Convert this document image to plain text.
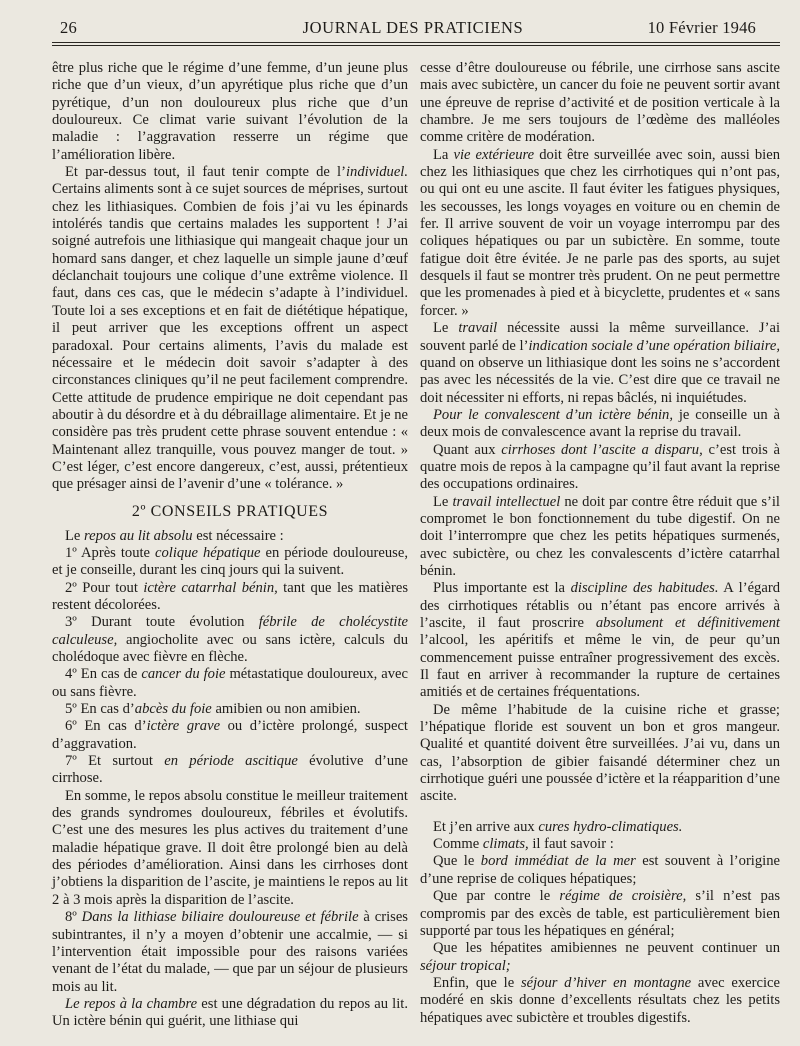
26	JOURNAL DES PRATICIENS	10 Février 1946

être plus riche que le régime d’une femme, d’un jeune plus riche que d’un vieux, d’un apyrétique plus riche que d’un pyrétique, d’un non douloureux plus riche que d’un douloureux. Ce climat varie suivant l’évolution de la maladie : l’aggravation resserre un régime que l’amélioration libère.

Et par-dessus tout, il faut tenir compte de l’individuel. Certains aliments sont à ce sujet sources de méprises, surtout chez les lithiasiques. Combien de fois j’ai vu les épinards intolérés tandis que certains malades les supportent ! J’ai soigné autrefois une lithiasique qui mangeait chaque jour un homard sans danger, et chez laquelle un simple jaune d’œuf déclanchait toujours une colique d’une extrême violence. Il faut, dans ces cas, que le médecin s’adapte à l’individuel. Toute loi a ses exceptions et en fait de diététique hépatique, il peut arriver que les exceptions offrent un aspect paradoxal. Pour certains aliments, l’avis du malade est nécessaire et le médecin doit savoir s’adapter à des circonstances cliniques qu’il ne peut facilement comprendre. Cette attitude de prudence empirique ne doit cependant pas aboutir à du désordre et à du débraillage alimentaire. Et je ne considère pas très prudent cette phrase souvent entendue : « Maintenant allez tranquille, vous pouvez manger de tout. » C’est léger, c’est encore dangereux, c’est, aussi, prétentieux que présager ainsi de l’avenir d’une « tolérance. »

2º CONSEILS PRATIQUES

Le repos au lit absolu est nécessaire :

1º Après toute colique hépatique en période douloureuse, et je conseille, durant les cinq jours qui la suivent.

2º Pour tout ictère catarrhal bénin, tant que les matières restent décolorées.

3º Durant toute évolution fébrile de cholécystite calculeuse, angiocholite avec ou sans ictère, calculs du cholédoque avec fièvre en flèche.

4º En cas de cancer du foie métastatique douloureux, avec ou sans fièvre.

5º En cas d’abcès du foie amibien ou non amibien.

6º En cas d’ictère grave ou d’ictère prolongé, suspect d’aggravation.

7º Et surtout en période ascitique évolutive d’une cirrhose.

En somme, le repos absolu constitue le meilleur traitement des grands syndromes douloureux, fébriles et évolutifs. C’est une des mesures les plus actives du traitement d’une maladie hépatique grave. Il doit être prolongé bien au delà des périodes d’amélioration. Ainsi dans les cirrhoses dont j’obtiens la disparition de l’ascite, je maintiens le repos au lit 2 à 3 mois après la disparition de l’ascite.

8º Dans la lithiase biliaire douloureuse et fébrile à crises subintrantes, il n’y a moyen d’obtenir une accalmie, — si l’intervention était impossible pour des raisons variées venant de l’état du malade, — que par un séjour de plusieurs mois au lit.

Le repos à la chambre est une dégradation du repos au lit. Un ictère bénin qui guérit, une lithiase qui

cesse d’être douloureuse ou fébrile, une cirrhose sans ascite mais avec subictère, un cancer du foie ne peuvent sortir avant une épreuve de reprise d’activité et de position verticale à la chambre. Je me sers toujours de l’œdème des malléoles comme critère de modération.

La vie extérieure doit être surveillée avec soin, aussi bien chez les lithiasiques que chez les cirrhotiques qui n’ont pas, ou qui ont eu une ascite. Il faut éviter les fatigues physiques, les secousses, les longs voyages en voiture ou en chemin de fer. Il arrive souvent de voir un voyage interrompu par des coliques hépatiques ou par un subictère. En somme, toute fatigue doit être évitée. Je ne parle pas des sports, au sujet desquels il faut se montrer très prudent. On ne peut permettre que les promenades à pied et à bicyclette, prudentes et « sans forcer. »

Le travail nécessite aussi la même surveillance. J’ai souvent parlé de l’indication sociale d’une opération biliaire, quand on observe un lithiasique dont les soins ne s’accordent pas avec les nécessités de la vie. C’est dire que ce travail ne doit nécessiter ni efforts, ni repas bâclés, ni inquiétudes.

Pour le convalescent d’un ictère bénin, je conseille un à deux mois de convalescence avant la reprise du travail.

Quant aux cirrhoses dont l’ascite a disparu, c’est trois à quatre mois de repos à la campagne qu’il faut avant la reprise des occupations ordinaires.

Le travail intellectuel ne doit par contre être réduit que s’il compromet le bon fonctionnement du tube digestif. On ne doit l’interrompre que chez les petits hépatiques surmenés, avec subictère, ou chez les convalescents d’ictère catarrhal bénin.

Plus importante est la discipline des habitudes. A l’égard des cirrhotiques rétablis ou n’étant pas encore arrivés à l’ascite, il faut proscrire absolument et définitivement l’alcool, les apéritifs et même le vin, de peur qu’un commencement puisse entraîner progressivement des excès. Il faut en arriver à recommander la rupture de certaines amitiés et de certaines fréquentations.

De même l’habitude de la cuisine riche et grasse; l’hépatique floride est souvent un bon et gros mangeur. Qualité et quantité doivent être surveillées. J’ai vu, dans un cas, l’absorption de gibier faisandé déterminer chez un cirrhotique guéri une poussée d’ictère et la réapparition d’une ascite.

Et j’en arrive aux cures hydro-climatiques.

Comme climats, il faut savoir :

Que le bord immédiat de la mer est souvent à l’origine d’une reprise de coliques hépatiques;

Que par contre le régime de croisière, s’il n’est pas compromis par des excès de table, est particulièrement bien supporté par tous les hépatiques en général;

Que les hépatites amibiennes ne peuvent continuer un séjour tropical;

Enfin, que le séjour d’hiver en montagne avec exercice modéré en skis donne d’excellents résultats chez les petits hépatiques avec subictère et troubles digestifs.
